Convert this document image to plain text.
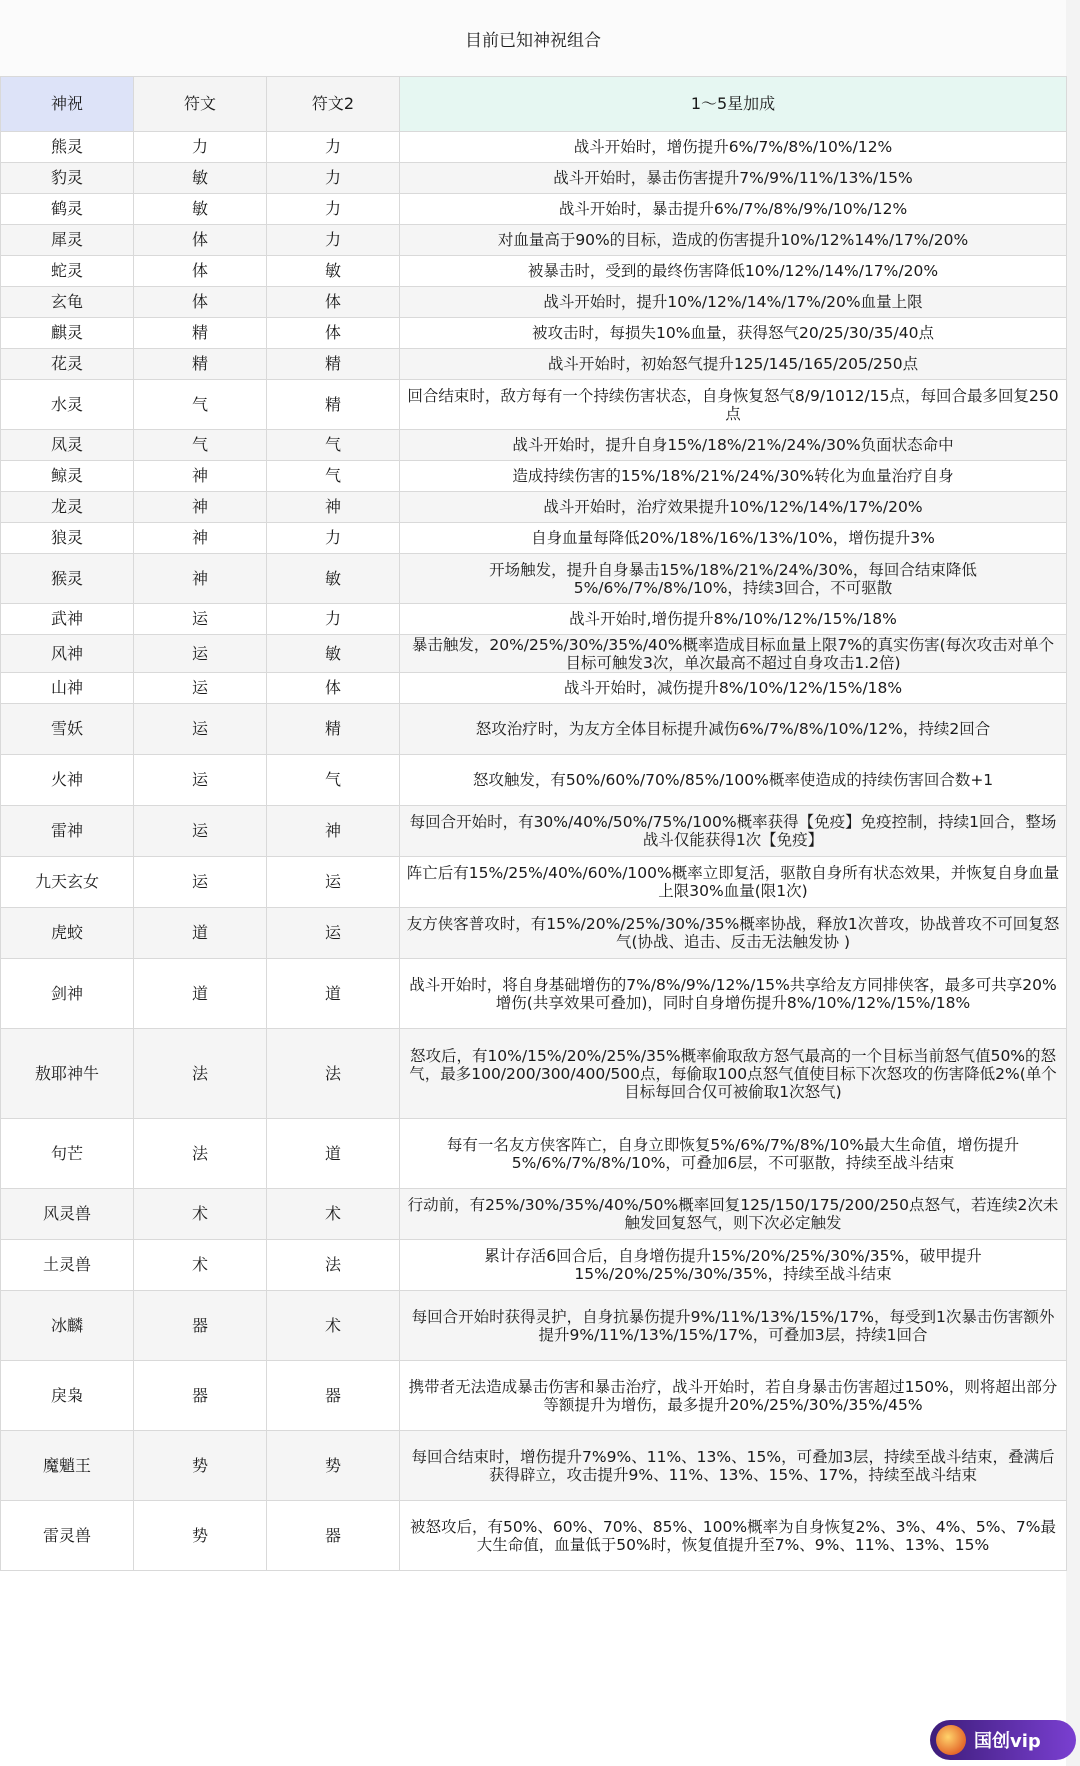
目前已知神祝组合
神祝	符文	符文2	1～5星加成
熊灵	力	力	战斗开始时，增伤提升6%/7%/8%/10%/12%
豹灵	敏	力	战斗开始时，暴击伤害提升7%/9%/11%/13%/15%
鹤灵	敏	力	战斗开始时，暴击提升6%/7%/8%/9%/10%/12%
犀灵	体	力	对血量高于90%的目标，造成的伤害提升10%/12%14%/17%/20%
蛇灵	体	敏	被暴击时，受到的最终伤害降低10%/12%/14%/17%/20%
玄龟	体	体	战斗开始时，提升10%/12%/14%/17%/20%血量上限
麒灵	精	体	被攻击时，每损失10%血量，获得怒气20/25/30/35/40点
花灵	精	精	战斗开始时，初始怒气提升125/145/165/205/250点
水灵	气	精	回合结束时，敌方每有一个持续伤害状态，自身恢复怒气8/9/1012/15点，每回合最多回复250点
凤灵	气	气	战斗开始时，提升自身15%/18%/21%/24%/30%负面状态命中
鲸灵	神	气	造成持续伤害的15%/18%/21%/24%/30%转化为血量治疗自身
龙灵	神	神	战斗开始时，治疗效果提升10%/12%/14%/17%/20%
狼灵	神	力	自身血量每降低20%/18%/16%/13%/10%，增伤提升3%
猴灵	神	敏	开场触发，提升自身暴击15%/18%/21%/24%/30%，每回合结束降低5%/6%/7%/8%/10%，持续3回合，不可驱散
武神	运	力	战斗开始时,增伤提升8%/10%/12%/15%/18%
风神	运	敏	暴击触发，20%/25%/30%/35%/40%概率造成目标血量上限7%的真实伤害(每次攻击对单个目标可触发3次，单次最高不超过自身攻击1.2倍)
山神	运	体	战斗开始时，减伤提升8%/10%/12%/15%/18%
雪妖	运	精	怒攻治疗时，为友方全体目标提升减伤6%/7%/8%/10%/12%，持续2回合
火神	运	气	怒攻触发，有50%/60%/70%/85%/100%概率使造成的持续伤害回合数+1
雷神	运	神	每回合开始时，有30%/40%/50%/75%/100%概率获得【免疫】免疫控制，持续1回合，整场战斗仅能获得1次【免疫】
九天玄女	运	运	阵亡后有15%/25%/40%/60%/100%概率立即复活，驱散自身所有状态效果，并恢复自身血量上限30%血量(限1次)
虎蛟	道	运	友方侠客普攻时，有15%/20%/25%/30%/35%概率协战，释放1次普攻，协战普攻不可回复怒气(协战、追击、反击无法触发协 )
剑神	道	道	战斗开始时，将自身基础增伤的7%/8%/9%/12%/15%共享给友方同排侠客，最多可共享20%增伤(共享效果可叠加)，同时自身增伤提升8%/10%/12%/15%/18%
敖耶神牛	法	法	怒攻后，有10%/15%/20%/25%/35%概率偷取敌方怒气最高的一个目标当前怒气值50%的怒气，最多100/200/300/400/500点，每偷取100点怒气值使目标下次怒攻的伤害降低2%(单个目标每回合仅可被偷取1次怒气)
句芒	法	道	每有一名友方侠客阵亡，自身立即恢复5%/6%/7%/8%/10%最大生命值，增伤提升5%/6%/7%/8%/10%，可叠加6层，不可驱散，持续至战斗结束
风灵兽	术	术	行动前，有25%/30%/35%/40%/50%概率回复125/150/175/200/250点怒气，若连续2次未触发回复怒气，则下次必定触发
土灵兽	术	法	累计存活6回合后，自身增伤提升15%/20%/25%/30%/35%，破甲提升15%/20%/25%/30%/35%，持续至战斗结束
冰麟	器	术	每回合开始时获得灵护，自身抗暴伤提升9%/11%/13%/15%/17%，每受到1次暴击伤害额外提升9%/11%/13%/15%/17%，可叠加3层，持续1回合
戾枭	器	器	携带者无法造成暴击伤害和暴击治疗，战斗开始时，若自身暴击伤害超过150%，则将超出部分等额提升为增伤，最多提升20%/25%/30%/35%/45%
魔魈王	势	势	每回合结束时，增伤提升7%9%、11%、13%、15%，可叠加3层，持续至战斗结束，叠满后获得辟立，攻击提升9%、11%、13%、15%、17%，持续至战斗结束
雷灵兽	势	器	被怒攻后，有50%、60%、70%、85%、100%概率为自身恢复2%、3%、4%、5%、7%最大生命值，血量低于50%时，恢复值提升至7%、9%、11%、13%、15%
国创vip
